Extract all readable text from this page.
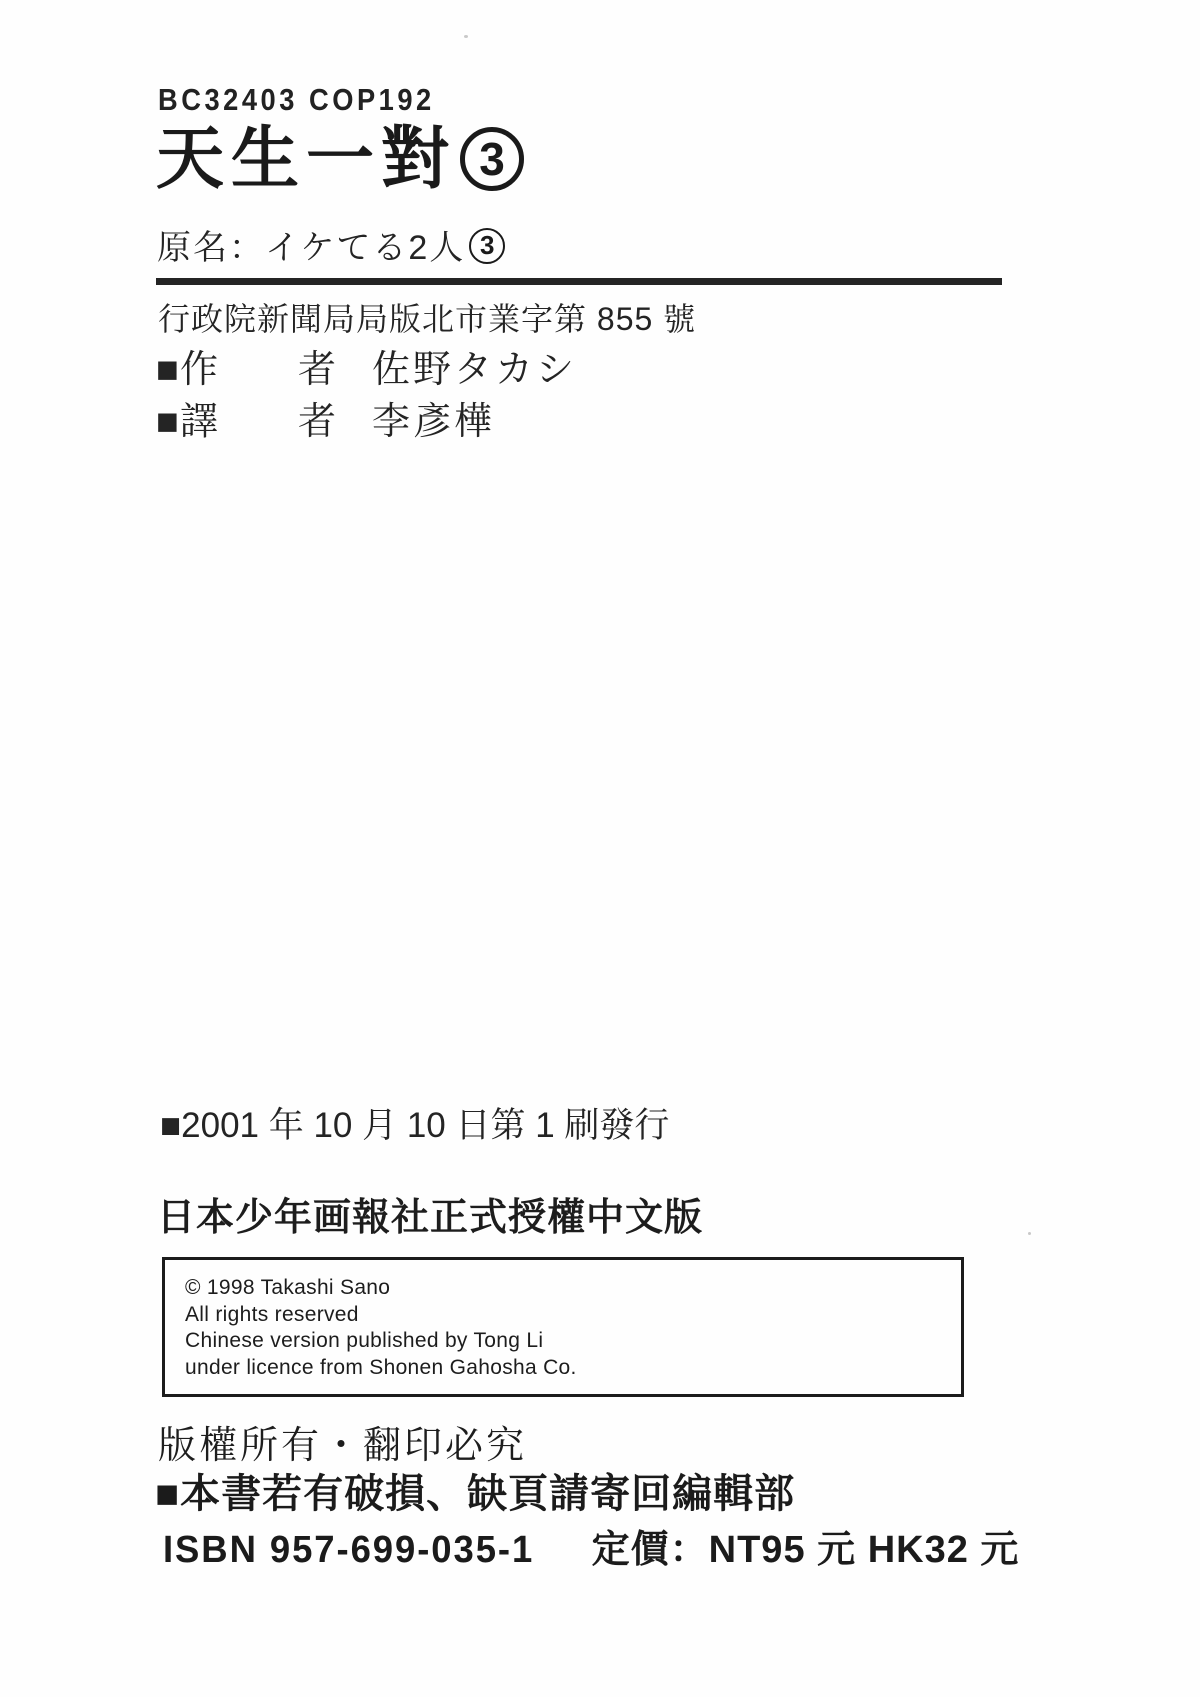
BC32403 COP192
天生一對 3
原名：イケてる2人 3
行政院新聞局局版北市業字第 855 號
■作	者 佐野タカシ
■譯	者 李彥樺
■2001 年 10 月 10 日第 1 刷發行
日本少年画報社正式授權中文版
© 1998 Takashi Sano
All rights reserved
Chinese version published by Tong Li
under licence from Shonen Gahosha Co.
版權所有・翻印必究
■本書若有破損、缺頁請寄回編輯部
ISBN 957-699-035-1 定價：NT95 元 HK32 元
